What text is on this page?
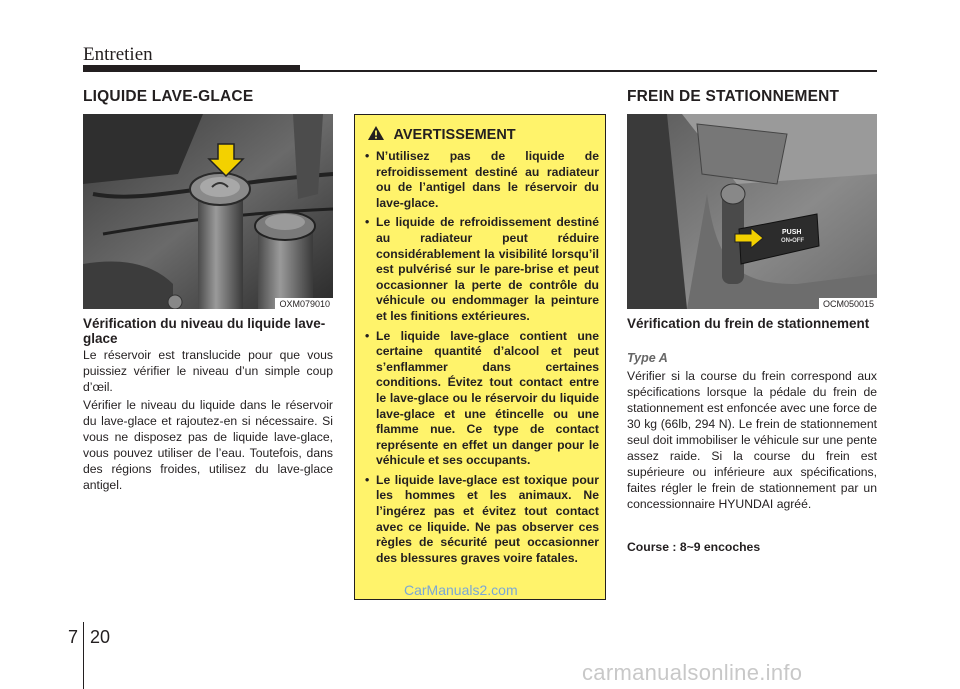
Entretien
LIQUIDE LAVE-GLACE
OXM079010
Vérification du niveau du liquide lave-glace
Le réservoir est translucide pour que vous puissiez vérifier le niveau d’un simple coup d’œil.
Vérifier le niveau du liquide dans le réservoir du lave-glace et rajoutez-en si nécessaire. Si vous ne disposez pas de liquide lave-glace, vous pouvez utiliser de l’eau. Toutefois, dans des régions froides, utilisez du lave-glace antigel.
AVERTISSEMENT
• N’utilisez pas de liquide de refroidissement destiné au radiateur ou de l’antigel dans le réservoir du lave-glace.
• Le liquide de refroidissement destiné au radiateur peut réduire considérablement la visibilité lorsqu’il est pulvérisé sur le pare-brise et peut occasionner la perte de contrôle du véhicule ou endommager la peinture et les finitions extérieures.
• Le liquide lave-glace contient une certaine quantité d’alcool et peut s’enflammer dans certaines conditions. Évitez tout contact entre le lave-glace ou le réservoir du liquide lave-glace et une étincelle ou une flamme nue. Ce type de contact représente en effet un danger pour le véhicule et ses occupants.
• Le liquide lave-glace est toxique pour les hommes et les animaux. Ne l’ingérez pas et évitez tout contact avec ce liquide. Ne pas observer ces règles de sécurité peut occasionner des blessures graves voire fatales.
CarManuals2.com
FREIN DE STATIONNEMENT
PUSH
ON•OFF
OCM050015
Vérification du frein de stationnement
Type A
Vérifier si la course du frein correspond aux spécifications lorsque la pédale du frein de stationnement est enfoncée avec une force de 30 kg (66lb, 294 N). Le frein de stationnement seul doit immobiliser le véhicule sur une pente assez raide. Si la course du frein est supérieure ou inférieure aux spécifications, faites régler le frein de stationnement par un concessionnaire HYUNDAI agréé.
Course : 8~9 encoches
7 20
carmanualsonline.info
